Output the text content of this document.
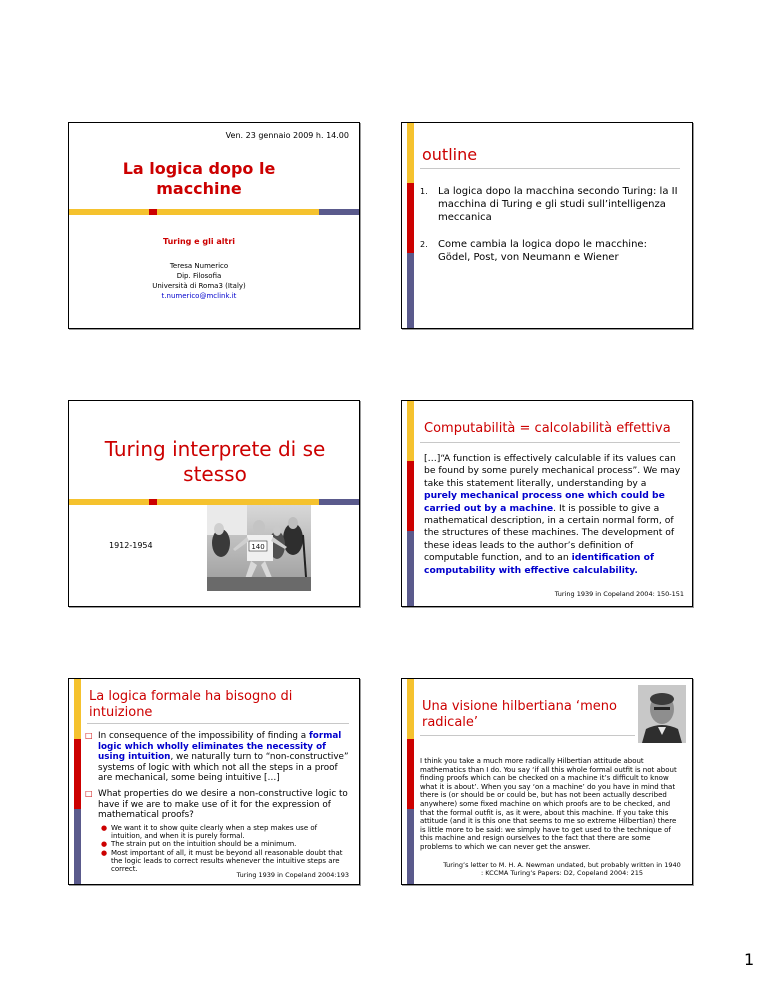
Ven. 23 gennaio 2009 h. 14.00
La logica dopo le macchine
Turing e gli altri
Teresa Numerico
Dip. Filosofia
Università di Roma3 (Italy)
t.numerico@mclink.it
outline
1.	La logica dopo la macchina secondo Turing: la II macchina di Turing e gli studi sull’intelligenza meccanica
2.	Come cambia la logica dopo le macchine: Gödel, Post, von Neumann e Wiener
Turing interprete di se stesso
1912-1954	140
Computabilità = calcolabilità effettiva
[…]“A function is effectively calculable if its values can be found by some purely mechanical process”. We may take this statement literally, understanding by a purely mechanical process one which could be carried out by a machine. It is possible to give a mathematical description, in a certain normal form, of the structures of these machines. The development of these ideas leads to the author’s definition of computable function, and to an identification of computability with effective calculability.
Turing 1939 in Copeland 2004: 150-151
La logica formale ha bisogno di intuizione
□ In consequence of the impossibility of finding a formal logic which wholly eliminates the necessity of using intuition, we naturally turn to “non-constructive” systems of logic with which not all the steps in a proof are mechanical, some being intuitive […]
□ What properties do we desire a non-constructive logic to have if we are to make use of it for the expression of mathematical proofs?
● We want it to show quite clearly when a step makes use of intuition, and when it is purely formal.
● The strain put on the intuition should be a minimum.
● Most important of all, it must be beyond all reasonable doubt that the logic leads to correct results whenever the intuitive steps are correct.
Turing 1939 in Copeland 2004:193
Una visione hilbertiana ‘meno radicale’
I think you take a much more radically Hilbertian attitude about mathematics than I do. You say ‘if all this whole formal outfit is not about finding proofs which can be checked on a machine it’s difficult to know what it is about’. When you say ‘on a machine’ do you have in mind that there is (or should be or could be, but has not been actually described anywhere) some fixed machine on which proofs are to be checked, and that the formal outfit is, as it were, about this machine. If you take this attitude (and it is this one that seems to me so extreme Hilbertian) there is little more to be said: we simply have to get used to the technique of this machine and resign ourselves to the fact that there are some problems to which we can never get the answer.
Turing’s letter to M. H. A. Newman undated, but probably written in 1940 : KCCMA Turing’s Papers: D2, Copeland 2004: 215
1
